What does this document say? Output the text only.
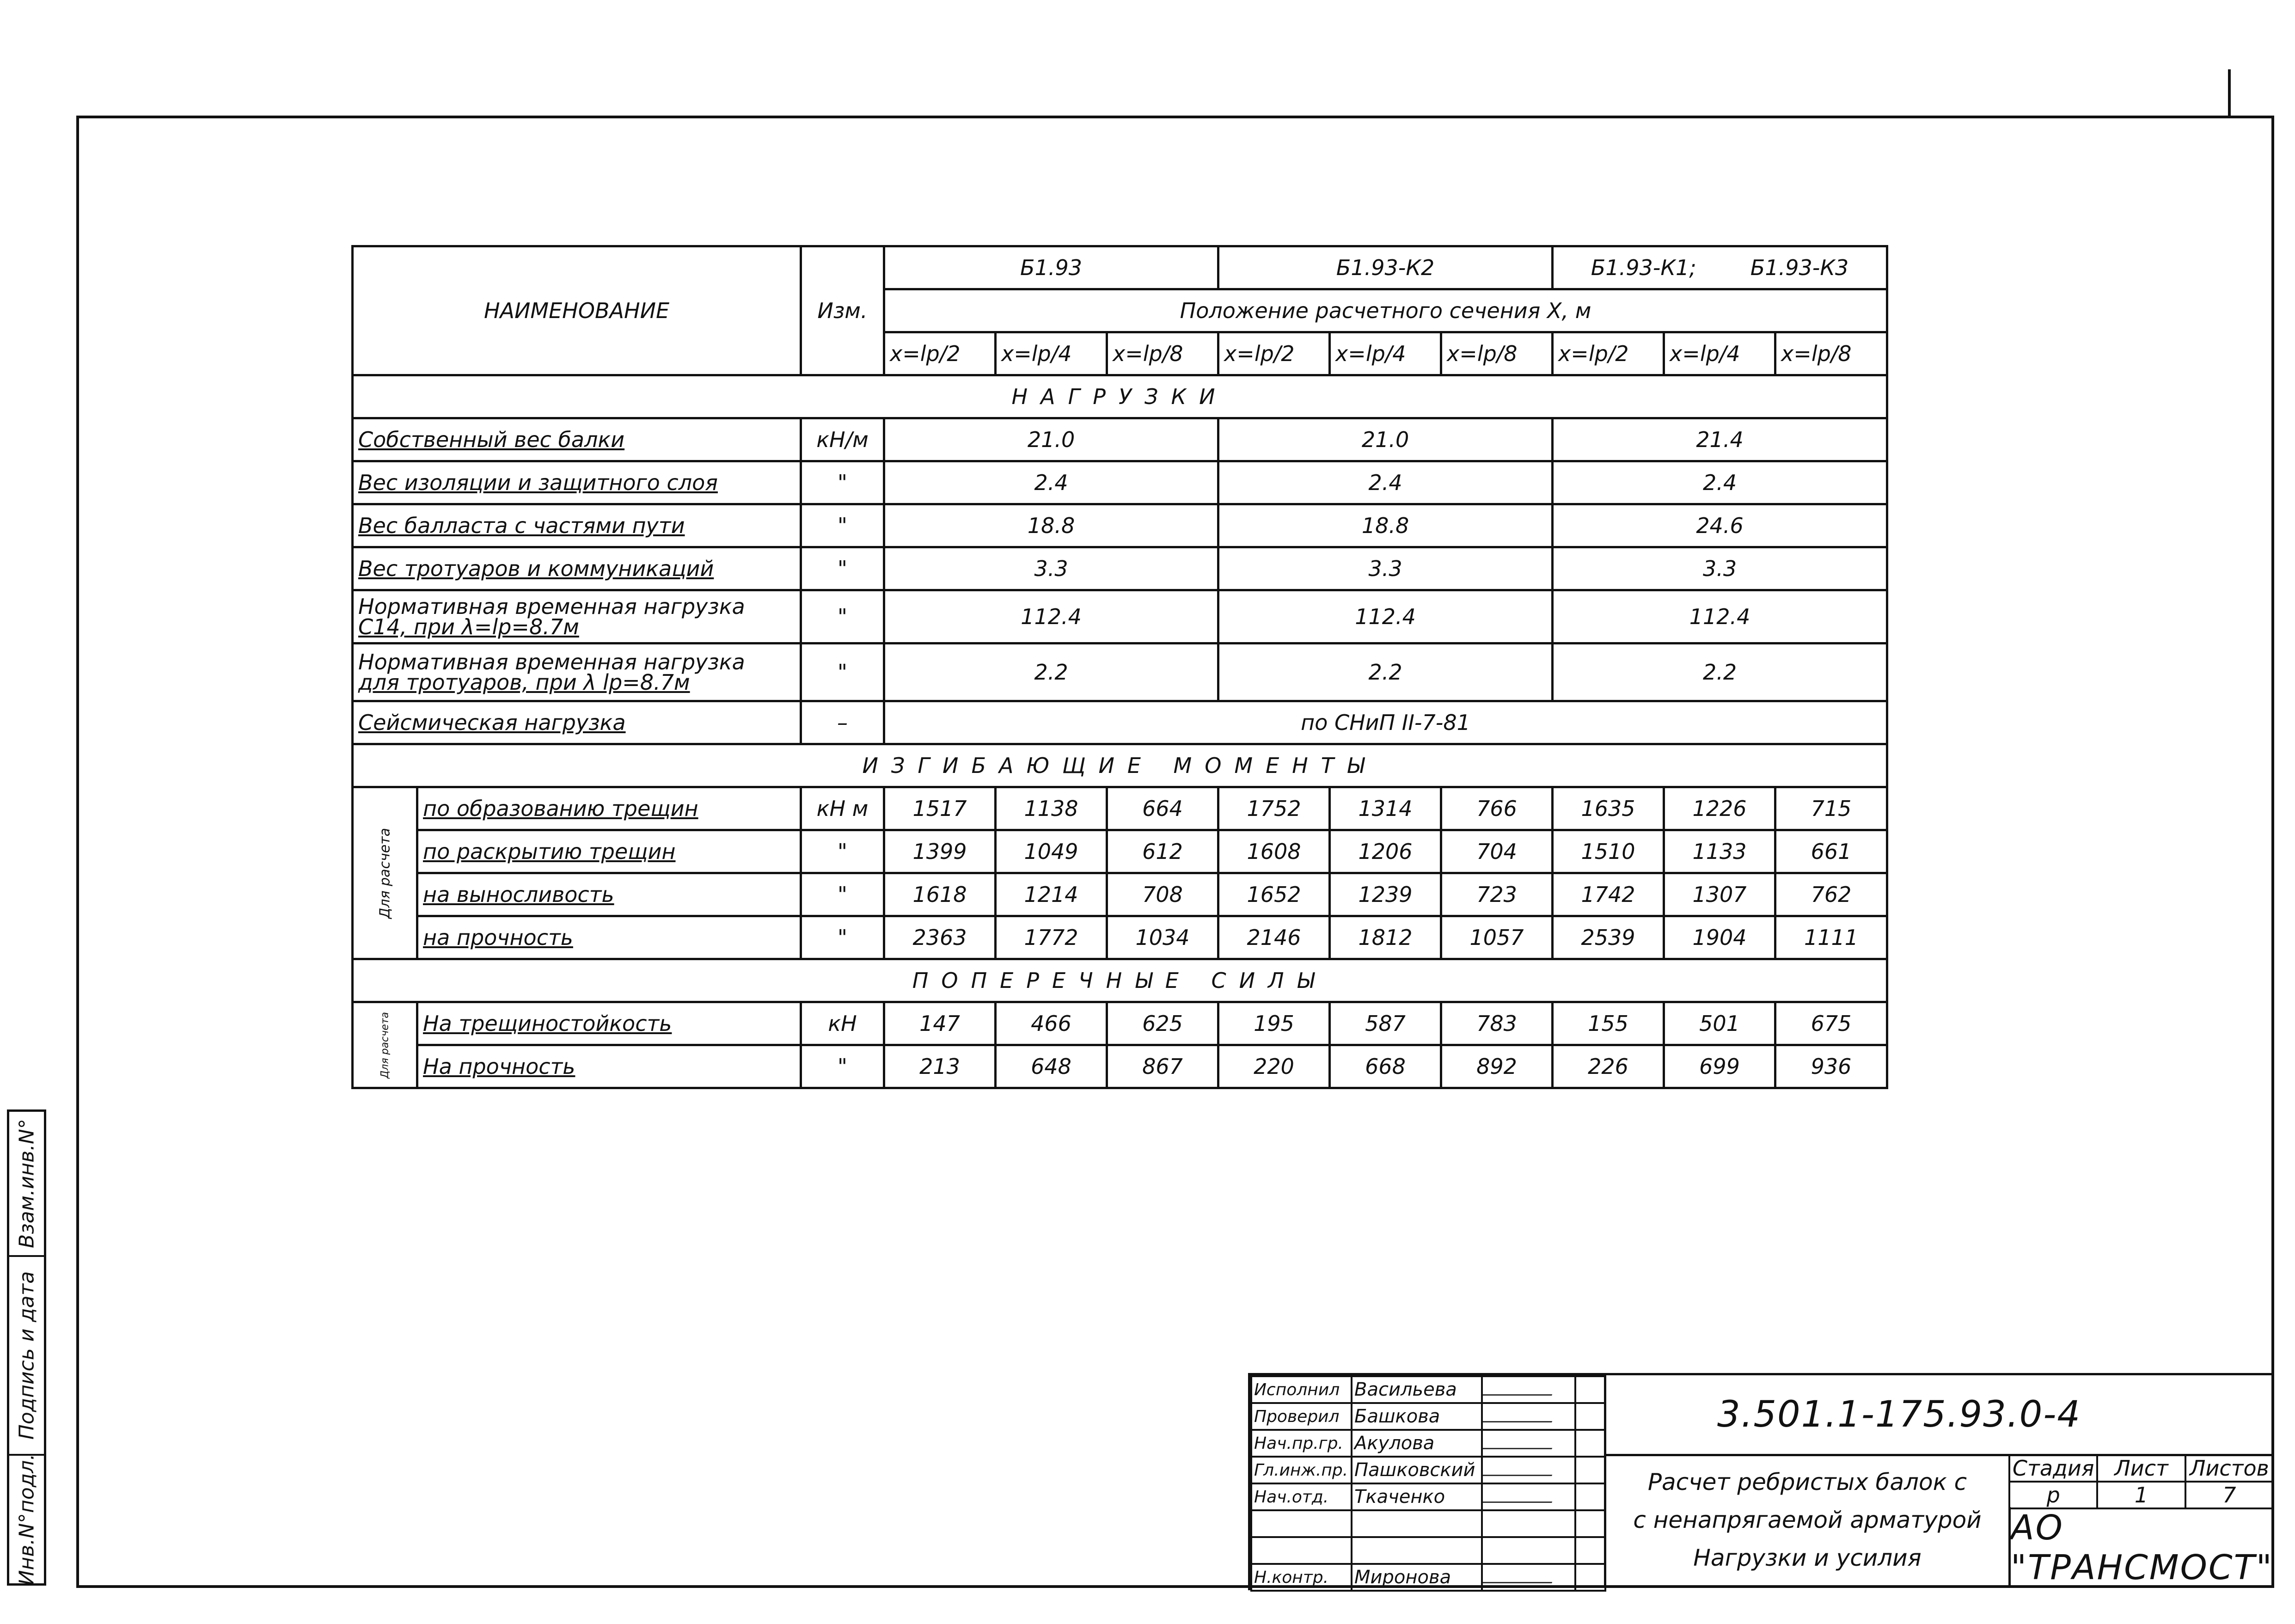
НАИМЕНОВАНИЕ		Изм.	Б1.93			Б1.93-К2			Б1.93-К1; Б1.93-К3		
			Положение расчетного сечения X, м								
			x=lp/2	x=lp/4	x=lp/8	x=lp/2	x=lp/4	x=lp/8	x=lp/2	x=lp/4	x=lp/8
НАГРУЗКИ											
Собственный вес балки		кН/м	21.0			21.0			21.4		
Вес изоляции и защитного слоя		"	2.4			2.4			2.4		
Вес балласта с частями пути		"	18.8			18.8			24.6		
Вес тротуаров и коммуникаций		"	3.3			3.3			3.3		
Нормативная временная нагрузка
С14, при λ=lp=8.7м		"	112.4			112.4			112.4		
Нормативная временная нагрузка
для тротуаров, при λ lp=8.7м		"	2.2			2.2			2.2		
Сейсмическая нагрузка		–	по СНиП II-7-81								
ИЗГИБАЮЩИЕ МОМЕНТЫ											

Для расчета	по образованию трещин	кН м	1517	1138	664	1752	1314	766	1635	1226	715
	по раскрытию трещин	"	1399	1049	612	1608	1206	704	1510	1133	661
	на выносливость	"	1618	1214	708	1652	1239	723	1742	1307	762
	на прочность	"	2363	1772	1034	2146	1812	1057	2539	1904	1111
ПОПЕРЕЧНЫЕ СИЛЫ											

Для расчета	На трещиностойкость	кН	147	466	625	195	587	783	155	501	675
	На прочность	"	213	648	867	220	668	892	226	699	936
Взам.инв.N°
Подпись и дата
Инв.N°подл.
Исполнил	Васильева		
Проверил	Башкова		
Нач.пр.гр.	Акулова		
Гл.инж.пр.	Пашковский		
Нач.отд.	Ткаченко		

Н.контр.	Миронова		
3.501.1-175.93.0-4
Расчет ребристых балок с
с ненапрягаемой арматурой
Нагрузки и усилия
Стадия	Лист	Листов
р	1	7
АО "ТРАНСМОСТ"
